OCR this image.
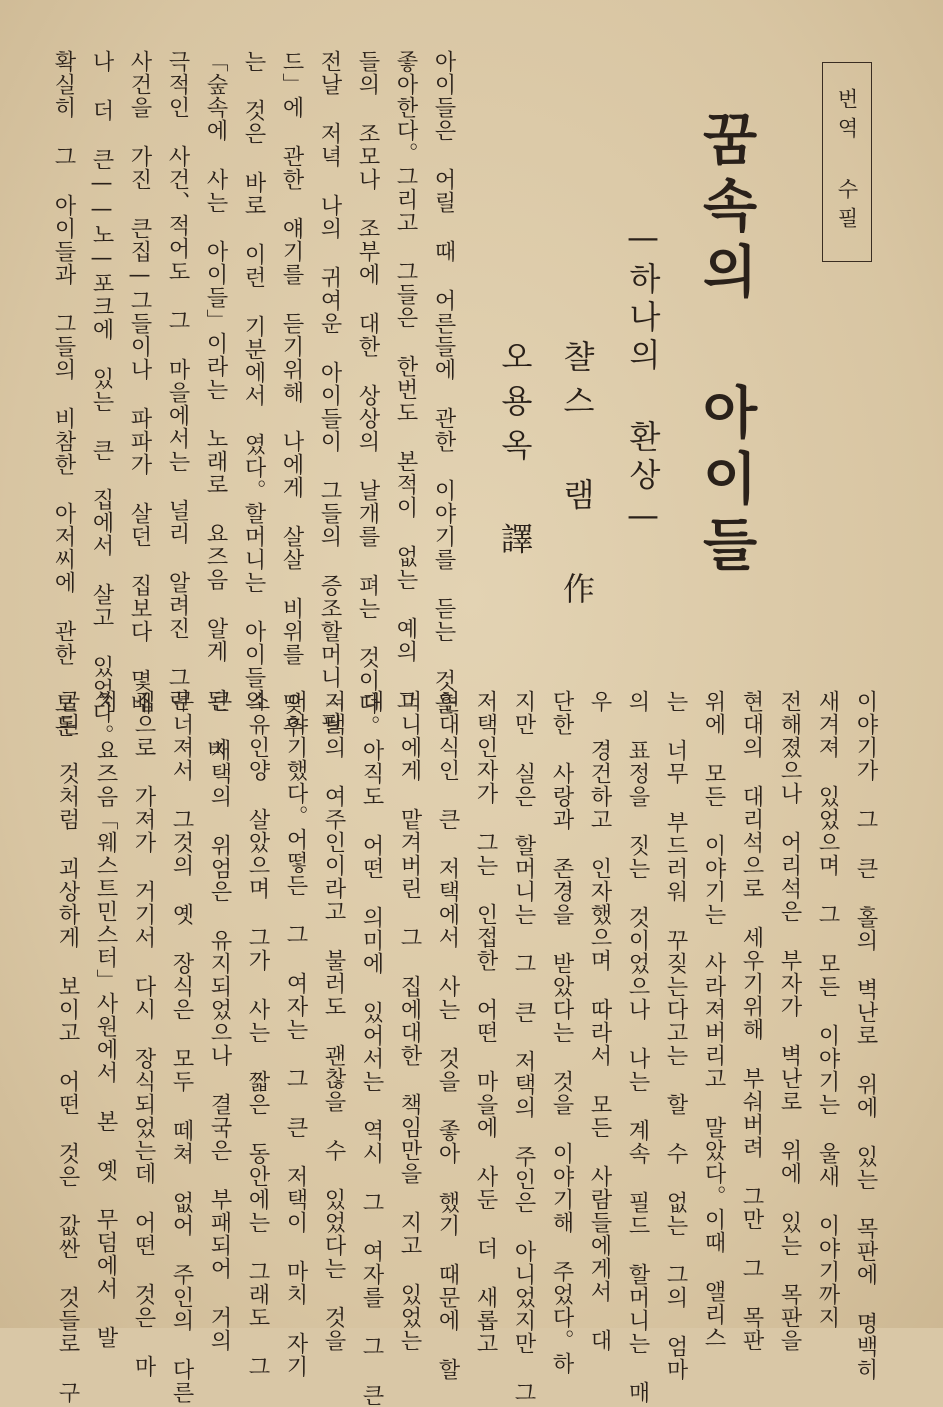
번역 수필
꿈속의 아이들
—하나의 환상—
챨스 램 作
오용옥 譯
아이들은 어릴 때 어른들에 관한 이야기를 듣는 것을
좋아한다。그리고 그들은 한번도 본적이 없는 예의 그
들의 조모나 조부에 대한 상상의 날개를 펴는 것이다。
전날 저녁 나의 귀여운 아이들이 그들의 증조할머니「필
드」에 관한 얘기를 듣기위해 나에게 살살 비위를 맞추
는 것은 바로 이런 기분에서 였다。할머니는 아이들의
「숲속에 사는 아이들」이라는 노래로 요즈음 알게 된 비
극적인 사건、적어도 그 마을에서는 널리 알려진 그런
사건을 가진 큰집—그들이나 파파가 살던 집보다 몇배
나 더 큰——노—포크에 있는 큰 집에서 살고 있었다。
확실히 그 아이들과 그들의 비참한 아저씨에 관한 모든
이야기가 그 큰 홀의 벽난로 위에 있는 목판에 명백히
새겨져 있었으며 그 모든 이야기는 울새 이야기까지
전해졌으나 어리석은 부자가 벽난로 위에 있는 목판을
현대의 대리석으로 세우기위해 부숴버려 그만 그 목판
위에 모든 이야기는 사라져버리고 말았다。이때 앨리스
는 너무 부드러워 꾸짖는다고는 할 수 없는 그의 엄마
의 표정을 짓는 것이었으나 나는 계속 필드 할머니는 매
우 경건하고 인자했으며 따라서 모든 사람들에게서 대
단한 사랑과 존경을 받았다는 것을 이야기해 주었다。하
지만 실은 할머니는 그 큰 저택의 주인은 아니었지만 그
저택인자가 그는 인접한 어떤 마을에 사둔 더 새롭고
현대식인 큰 저택에서 사는 것을 좋아 했기 때문에 할
머니에게 맡겨버린 그 집에대한 책임만을 지고 있었는
데 아직도 어떤 의미에 있어서는 역시 그 여자를 그 큰
저택의 여주인이라고 불러도 괜찮을 수 있었다는 것을
이야기했다。어떻든 그 여자는 그 큰 저택이 마치 자기
소유인양 살았으며 그가 사는 짧은 동안에는 그래도 그
큰 저택의 위엄은 유지되었으나 결국은 부패되어 거의
무너져서 그것의 옛 장식은 모두 떼쳐 없어 주인의 다른
집으로 가져가 거기서 다시 장식되었는데 어떤 것은 마
치 요즈음「웨스트민스터」사원에서 본 옛 무덤에서 발
굴된 것처럼 괴상하게 보이고 어떤 것은 값싼 것들로 구
